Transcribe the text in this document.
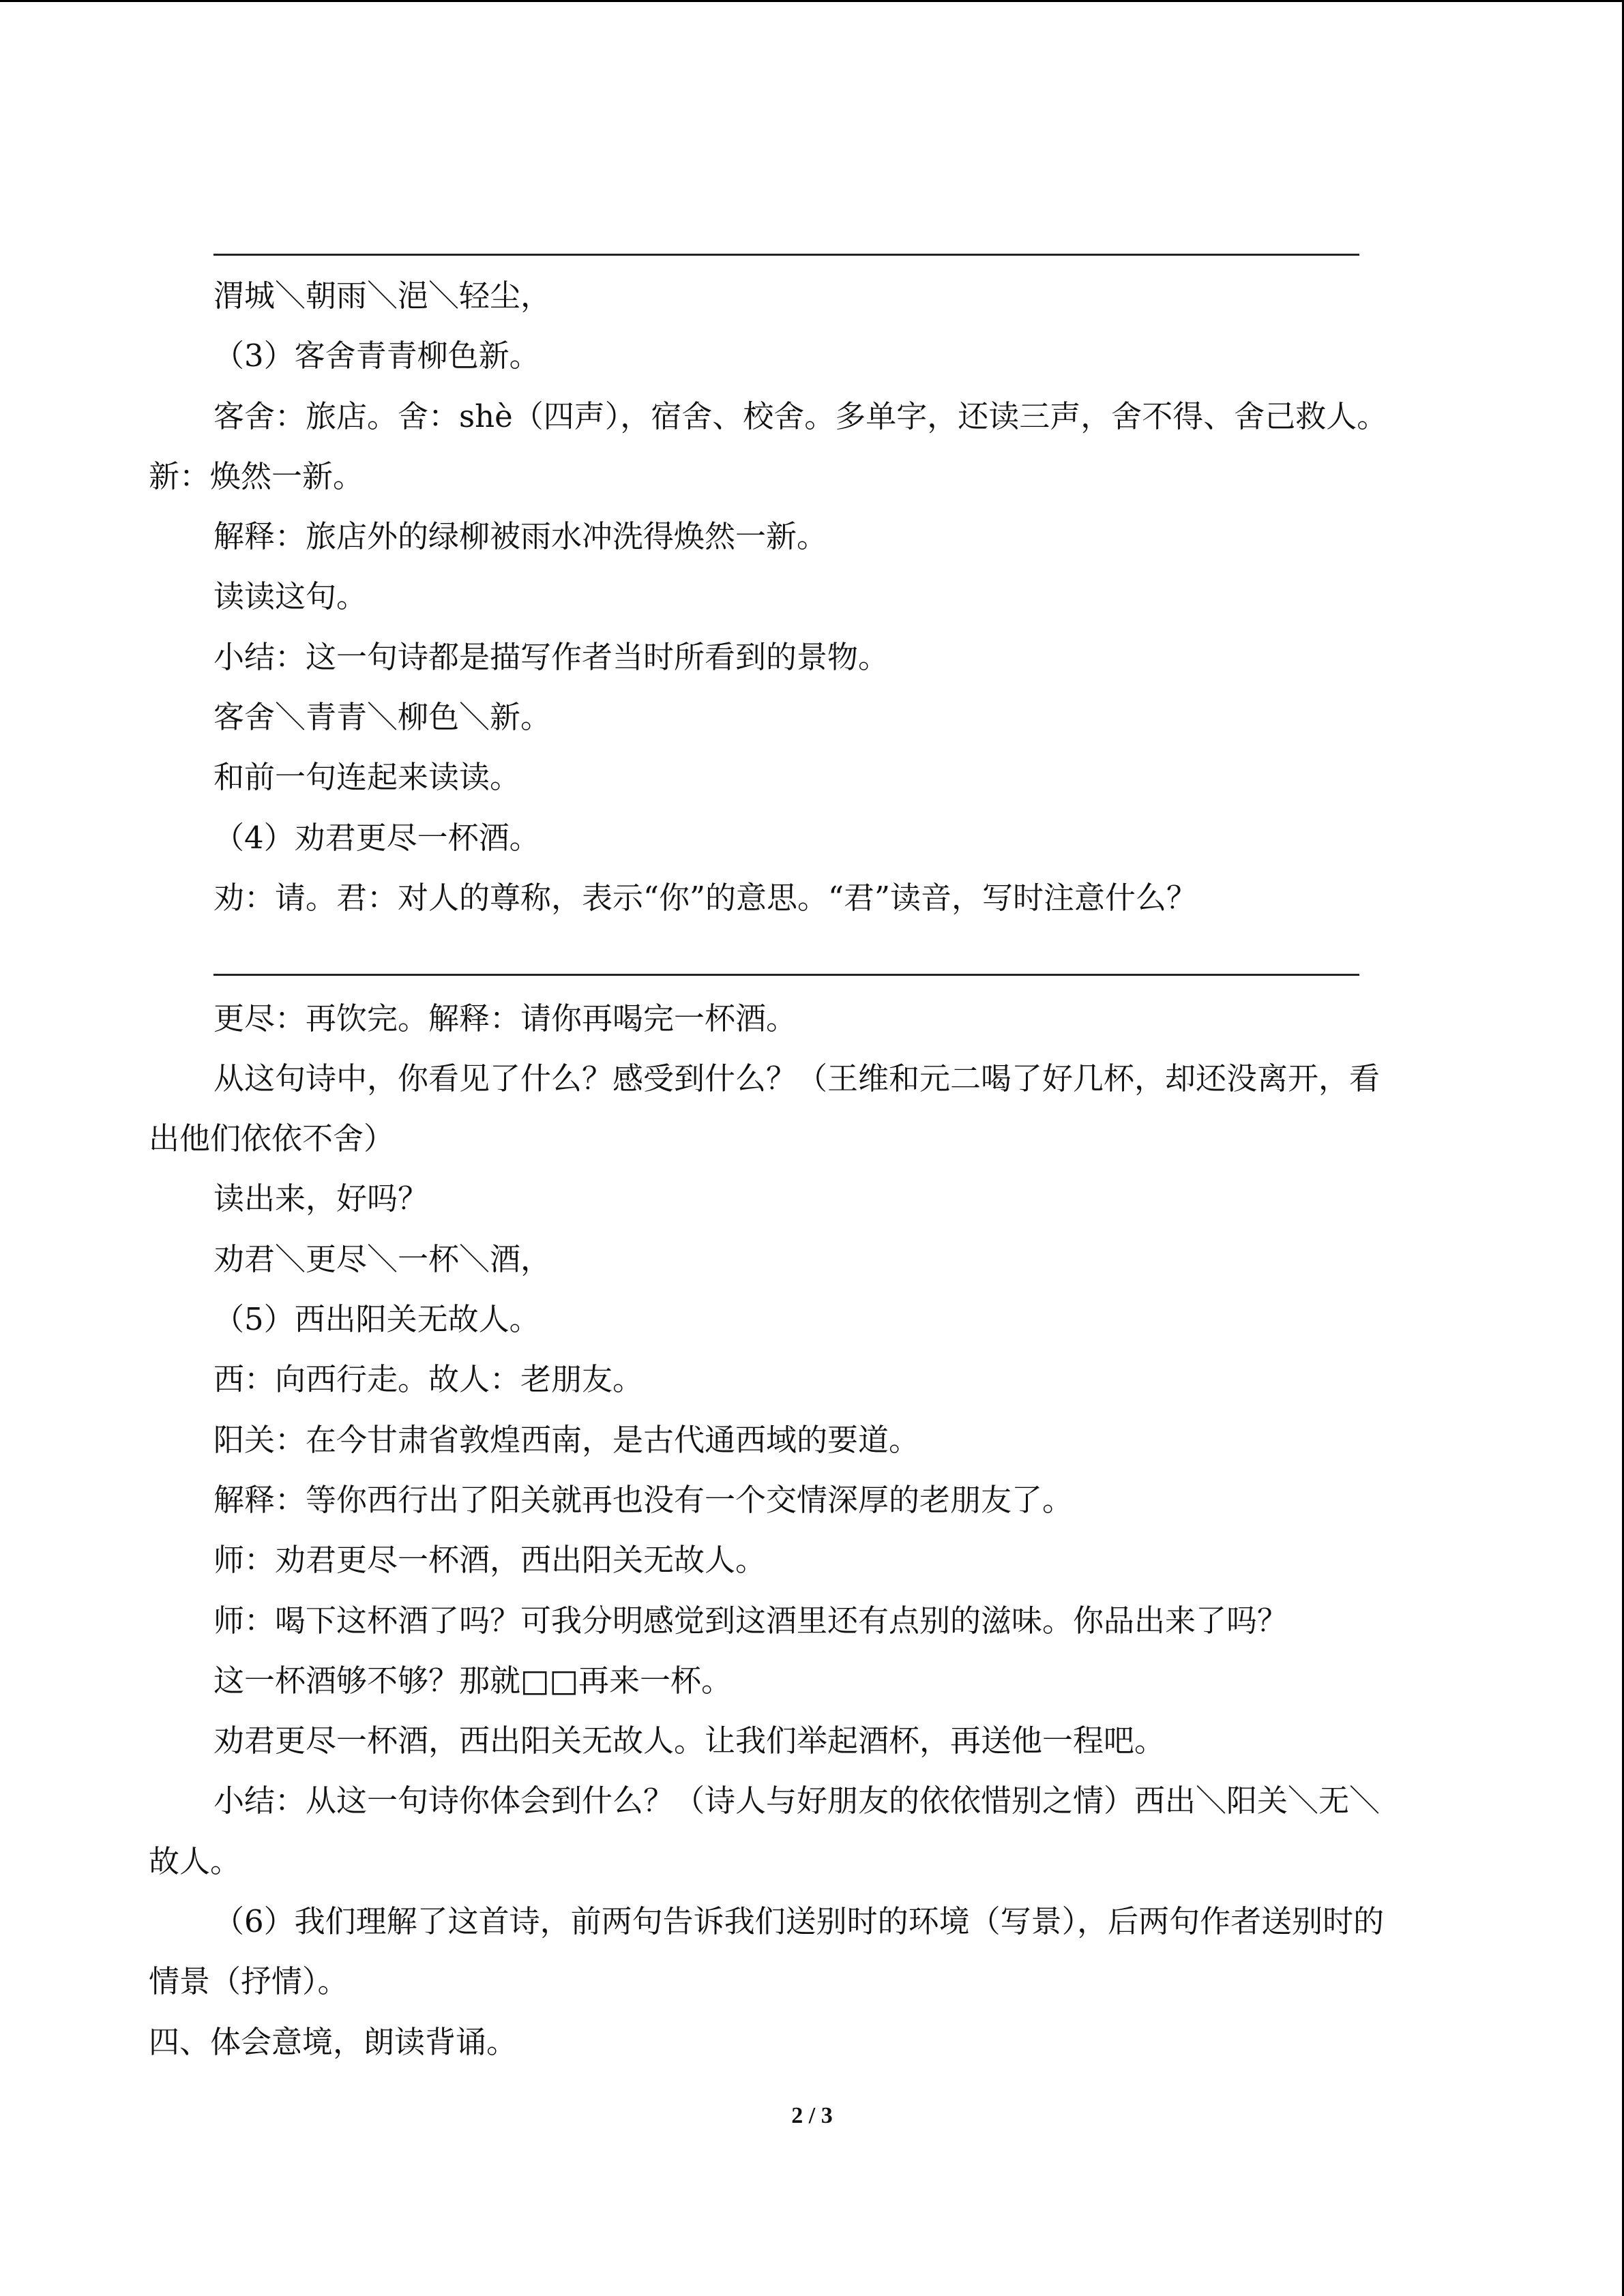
渭城＼朝雨＼浥＼轻尘，
（3）客舍青青柳色新。
客舍：旅店。舍：shè（四声），宿舍、校舍。多单字，还读三声，舍不得、舍己救人。
新：焕然一新。
解释：旅店外的绿柳被雨水冲洗得焕然一新。
读读这句。
小结：这一句诗都是描写作者当时所看到的景物。
客舍＼青青＼柳色＼新。
和前一句连起来读读。
（4）劝君更尽一杯酒。
劝：请。君：对人的尊称，表示“你”的意思。“君”读音，写时注意什么？
更尽：再饮完。解释：请你再喝完一杯酒。
从这句诗中，你看见了什么？感受到什么？（王维和元二喝了好几杯，却还没离开，看
出他们依依不舍）
读出来，好吗？
劝君＼更尽＼一杯＼酒，
（5）西出阳关无故人。
西：向西行走。故人：老朋友。
阳关：在今甘肃省敦煌西南，是古代通西域的要道。
解释：等你西行出了阳关就再也没有一个交情深厚的老朋友了。
师：劝君更尽一杯酒，西出阳关无故人。
师：喝下这杯酒了吗？可我分明感觉到这酒里还有点别的滋味。你品出来了吗？
这一杯酒够不够？那就□□再来一杯。
劝君更尽一杯酒，西出阳关无故人。让我们举起酒杯，再送他一程吧。
小结：从这一句诗你体会到什么？（诗人与好朋友的依依惜别之情）西出＼阳关＼无＼
故人。
（6）我们理解了这首诗，前两句告诉我们送别时的环境（写景），后两句作者送别时的
情景（抒情）。
四、体会意境，朗读背诵。
2 / 3
